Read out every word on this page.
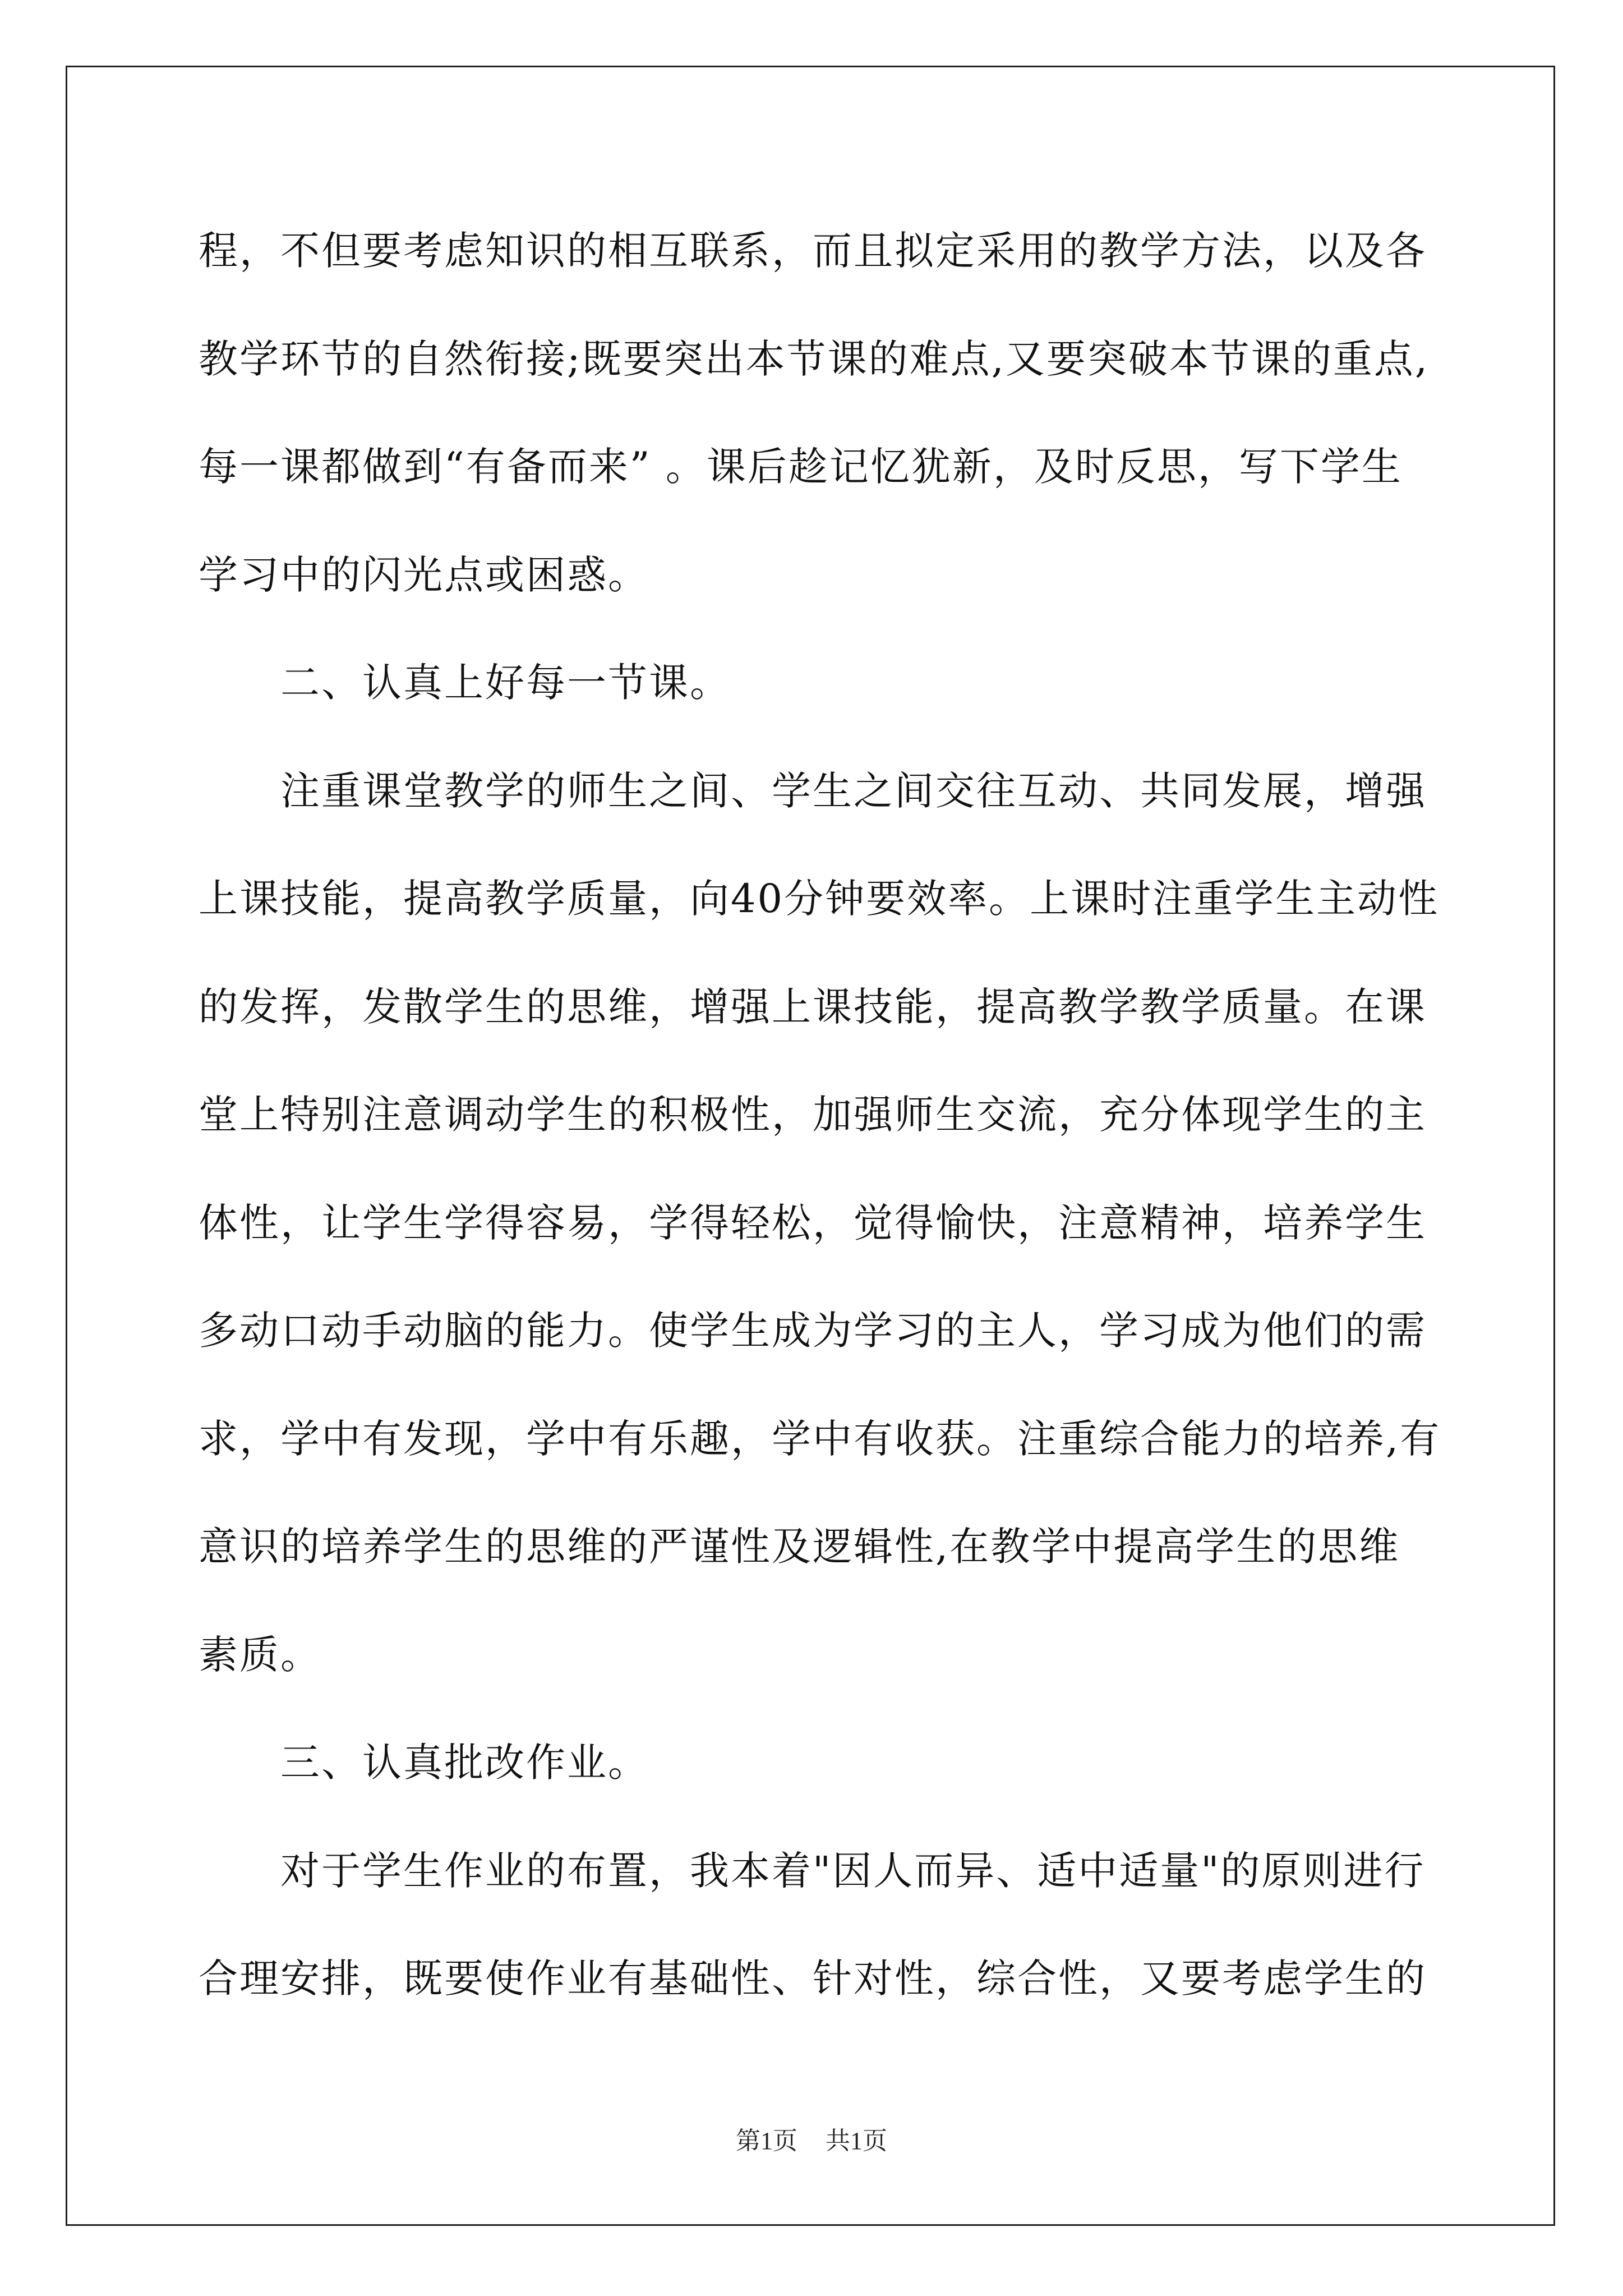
程，不但要考虑知识的相互联系，而且拟定采用的教学方法，以及各
教学环节的自然衔接;既要突出本节课的难点,又要突破本节课的重点,
每一课都做到“有备而来” 。课后趁记忆犹新，及时反思，写下学生
学习中的闪光点或困惑。
二、认真上好每一节课。
注重课堂教学的师生之间、学生之间交往互动、共同发展，增强
上课技能，提高教学质量，向40分钟要效率。上课时注重学生主动性
的发挥，发散学生的思维，增强上课技能，提高教学教学质量。在课
堂上特别注意调动学生的积极性，加强师生交流，充分体现学生的主
体性，让学生学得容易，学得轻松，觉得愉快，注意精神，培养学生
多动口动手动脑的能力。使学生成为学习的主人，学习成为他们的需
求，学中有发现，学中有乐趣，学中有收获。注重综合能力的培养,有
意识的培养学生的思维的严谨性及逻辑性,在教学中提高学生的思维
素质。
三、认真批改作业。
对于学生作业的布置，我本着"因人而异、适中适量"的原则进行
合理安排，既要使作业有基础性、针对性，综合性，又要考虑学生的
第1页 共1页
